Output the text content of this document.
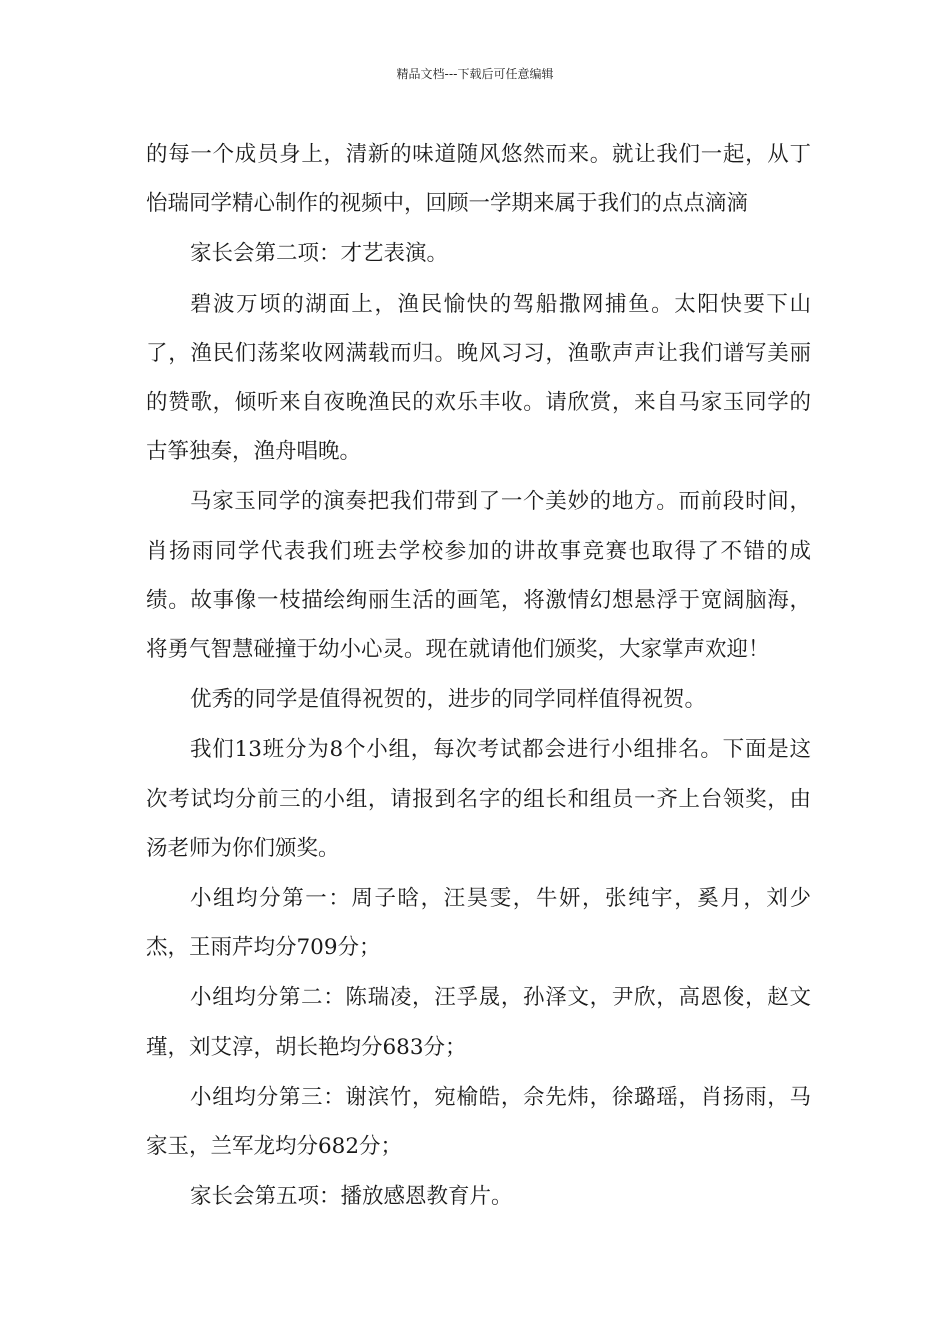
精品文档---下载后可任意编辑

的每一个成员身上，清新的味道随风悠然而来。就让我们一起，从丁怡瑞同学精心制作的视频中，回顾一学期来属于我们的点点滴滴

家长会第二项：才艺表演。

碧波万顷的湖面上，渔民愉快的驾船撒网捕鱼。太阳快要下山了，渔民们荡桨收网满载而归。晚风习习，渔歌声声让我们谱写美丽的赞歌，倾听来自夜晚渔民的欢乐丰收。请欣赏，来自马家玉同学的古筝独奏，渔舟唱晚。

马家玉同学的演奏把我们带到了一个美妙的地方。而前段时间，肖扬雨同学代表我们班去学校参加的讲故事竞赛也取得了不错的成绩。故事像一枝描绘绚丽生活的画笔，将激情幻想悬浮于宽阔脑海，将勇气智慧碰撞于幼小心灵。现在就请他们颁奖，大家掌声欢迎！

优秀的同学是值得祝贺的，进步的同学同样值得祝贺。

我们13班分为8个小组，每次考试都会进行小组排名。下面是这次考试均分前三的小组，请报到名字的组长和组员一齐上台领奖，由汤老师为你们颁奖。

小组均分第一：周子晗，汪昊雯，牛妍，张纯宇，奚月，刘少杰，王雨芹均分709分；

小组均分第二：陈瑞凌，汪孚晟，孙泽文，尹欣，高恩俊，赵文瑾，刘艾淳，胡长艳均分683分；

小组均分第三：谢滨竹，宛榆皓，佘先炜，徐璐瑶，肖扬雨，马家玉，兰军龙均分682分；

家长会第五项：播放感恩教育片。
